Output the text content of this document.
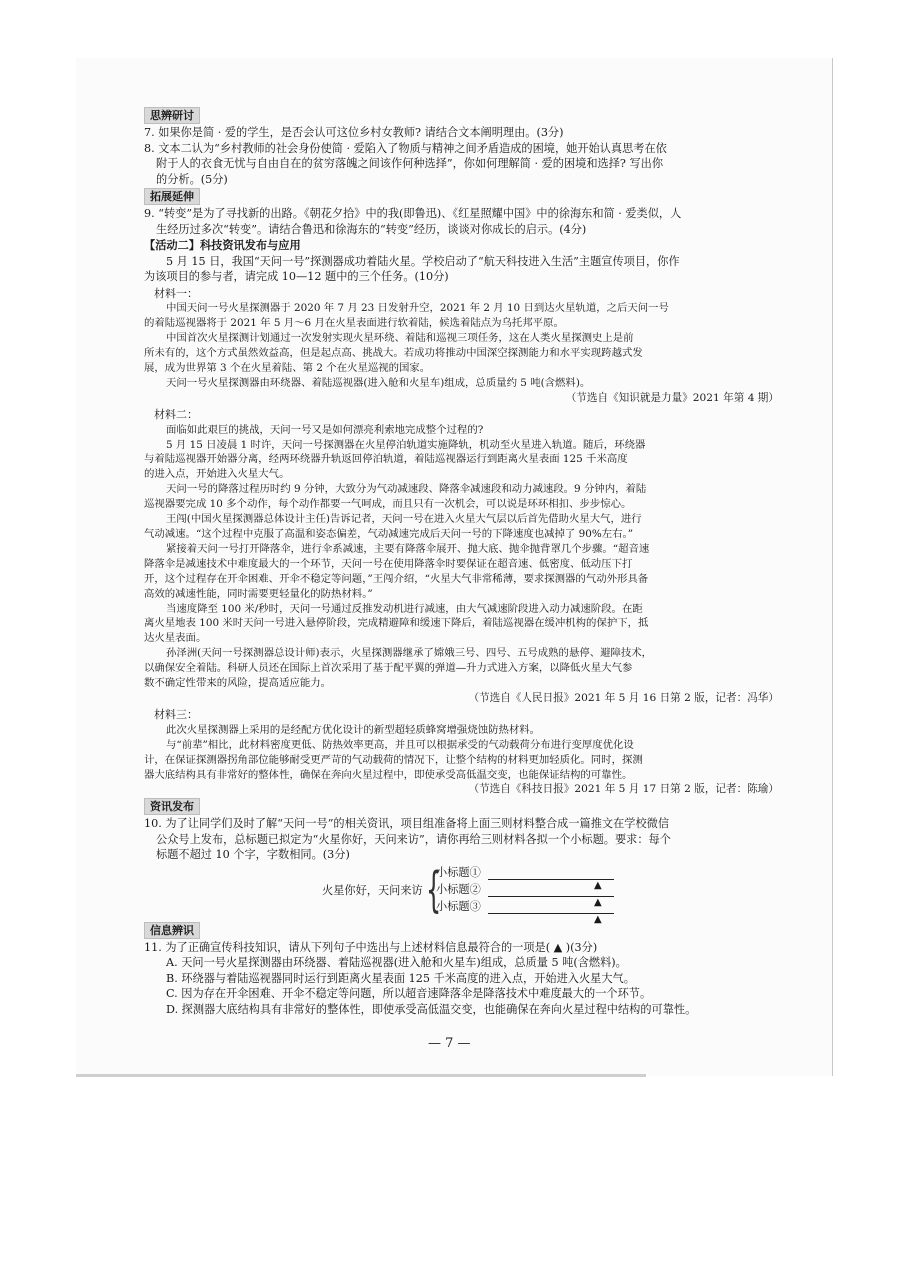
思辨研讨

7. 如果你是简 · 爱的学生，是否会认可这位乡村女教师? 请结合文本阐明理由。(3分)

8. 文本二认为“乡村教师的社会身份使简 · 爱陷入了物质与精神之间矛盾造成的困境，她开始认真思考在依

附于人的衣食无忧与自由自在的贫穷落魄之间该作何种选择”，你如何理解简 · 爱的困境和选择? 写出你

的分析。(5分)

拓展延伸

9. “转变”是为了寻找新的出路。《朝花夕拾》中的我(即鲁迅)、《红星照耀中国》中的徐海东和简 · 爱类似，人

生经历过多次“转变”。请结合鲁迅和徐海东的“转变”经历，谈谈对你成长的启示。(4分)

【活动二】科技资讯发布与应用

5 月 15 日，我国“天问一号”探测器成功着陆火星。学校启动了“航天科技进入生活”主题宣传项目，你作

为该项目的参与者，请完成 10—12 题中的三个任务。(10分)

材料一：

中国天问一号火星探测器于 2020 年 7 月 23 日发射升空，2021 年 2 月 10 日到达火星轨道，之后天问一号

的着陆巡视器将于 2021 年 5 月～6 月在火星表面进行软着陆，候选着陆点为乌托邦平原。

中国首次火星探测计划通过一次发射实现火星环绕、着陆和巡视三项任务，这在人类火星探测史上是前

所未有的，这个方式虽然效益高，但是起点高、挑战大。若成功将推动中国深空探测能力和水平实现跨越式发

展，成为世界第 3 个在火星着陆、第 2 个在火星巡视的国家。

天问一号火星探测器由环绕器、着陆巡视器(进入舱和火星车)组成，总质量约 5 吨(含燃料)。

（节选自《知识就是力量》2021 年第 4 期）

材料二：

面临如此艰巨的挑战，天问一号又是如何漂亮利索地完成整个过程的?

5 月 15 日凌晨 1 时许，天问一号探测器在火星停泊轨道实施降轨，机动至火星进入轨道。随后，环绕器

与着陆巡视器开始器分离，经两环绕器升轨返回停泊轨道，着陆巡视器运行到距离火星表面 125 千米高度

的进入点，开始进入火星大气。

天问一号的降落过程历时约 9 分钟，大致分为气动减速段、降落伞减速段和动力减速段。9 分钟内，着陆

巡视器要完成 10 多个动作，每个动作都要一气呵成，而且只有一次机会，可以说是环环相扣、步步惊心。

王闯(中国火星探测器总体设计主任)告诉记者，天问一号在进入火星大气层以后首先借助火星大气，进行

气动减速。“这个过程中克服了高温和姿态偏差，气动减速完成后天问一号的下降速度也减掉了 90%左右。”

紧接着天问一号打开降落伞，进行伞系减速，主要有降落伞展开、抛大底、抛伞抛背罩几个步骤。“超音速

降落伞是减速技术中难度最大的一个环节，天问一号在使用降落伞时要保证在超音速、低密度、低动压下打

开，这个过程存在开伞困难、开伞不稳定等问题，”王闯介绍，“火星大气非常稀薄，要求探测器的气动外形具备

高效的减速性能，同时需要更轻量化的防热材料。”

当速度降至 100 米/秒时，天问一号通过反推发动机进行减速，由大气减速阶段进入动力减速阶段。在距

离火星地表 100 米时天问一号进入悬停阶段，完成精避障和缓速下降后，着陆巡视器在缓冲机构的保护下，抵

达火星表面。

孙泽洲(天问一号探测器总设计师)表示，火星探测器继承了嫦娥三号、四号、五号成熟的悬停、避障技术，

以确保安全着陆。科研人员还在国际上首次采用了基于配平翼的弹道—升力式进入方案，以降低火星大气参

数不确定性带来的风险，提高适应能力。

（节选自《人民日报》2021 年 5 月 16 日第 2 版，记者：冯华）

材料三：

此次火星探测器上采用的是经配方优化设计的新型超轻质蜂窝增强烧蚀防热材料。

与“前辈”相比，此材料密度更低、防热效率更高，并且可以根据承受的气动载荷分布进行变厚度优化设

计，在保证探测器拐角部位能够耐受更严苛的气动载荷的情况下，让整个结构的材料更加轻质化。同时，探测

器大底结构具有非常好的整体性，确保在奔向火星过程中，即使承受高低温交变，也能保证结构的可靠性。

（节选自《科技日报》2021 年 5 月 17 日第 2 版，记者：陈瑜）

资讯发布

10. 为了让同学们及时了解“天问一号”的相关资讯，项目组准备将上面三则材料整合成一篇推文在学校微信

公众号上发布，总标题已拟定为“火星你好，天问来访”，请你再给三则材料各拟一个小标题。要求：每个

标题不超过 10 个字，字数相同。(3分)

火星你好，天问来访 {
小标题①
▲
小标题②
▲
小标题③
▲
信息辨识

11. 为了正确宣传科技知识，请从下列句子中选出与上述材料信息最符合的一项是( ▲ )(3分)

A. 天问一号火星探测器由环绕器、着陆巡视器(进入舱和火星车)组成，总质量 5 吨(含燃料)。

B. 环绕器与着陆巡视器同时运行到距离火星表面 125 千米高度的进入点，开始进入火星大气。

C. 因为存在开伞困难、开伞不稳定等问题，所以超音速降落伞是降落技术中难度最大的一个环节。

D. 探测器大底结构具有非常好的整体性，即使承受高低温交变，也能确保在奔向火星过程中结构的可靠性。

— 7 —
